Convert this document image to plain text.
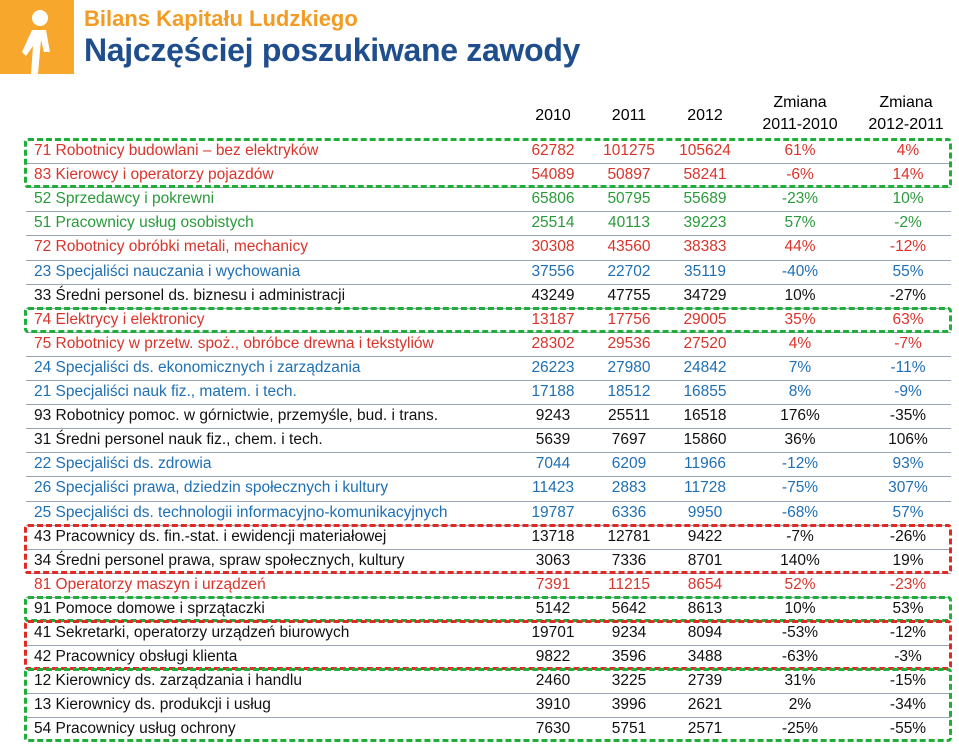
Bilans Kapitału Ludzkiego
Najczęściej poszukiwane zawody
2010	2011	2012
Zmiana
2011-2010
Zmiana
2012-2011
71 Robotnicy budowlani – bez elektryków	62782	101275	105624	61%	4%
83 Kierowcy i operatorzy pojazdów	54089	50897	58241	-6%	14%
52 Sprzedawcy i pokrewni	65806	50795	55689	-23%	10%
51 Pracownicy usług osobistych	25514	40113	39223	57%	-2%
72 Robotnicy obróbki metali, mechanicy	30308	43560	38383	44%	-12%
23 Specjaliści nauczania i wychowania	37556	22702	35119	-40%	55%
33 Średni personel ds. biznesu i administracji	43249	47755	34729	10%	-27%
74 Elektrycy i elektronicy	13187	17756	29005	35%	63%
75 Robotnicy w przetw. spoż., obróbce drewna i tekstyliów	28302	29536	27520	4%	-7%
24 Specjaliści ds. ekonomicznych i zarządzania	26223	27980	24842	7%	-11%
21 Specjaliści nauk fiz., matem. i tech.	17188	18512	16855	8%	-9%
93 Robotnicy pomoc. w górnictwie, przemyśle, bud. i trans.	9243	25511	16518	176%	-35%
31 Średni personel nauk fiz., chem. i tech.	5639	7697	15860	36%	106%
22 Specjaliści ds. zdrowia	7044	6209	11966	-12%	93%
26 Specjaliści prawa, dziedzin społecznych i kultury	11423	2883	11728	-75%	307%
25 Specjaliści ds. technologii informacyjno-komunikacyjnych	19787	6336	9950	-68%	57%
43 Pracownicy ds. fin.-stat. i ewidencji materiałowej	13718	12781	9422	-7%	-26%
34 Średni personel prawa, spraw społecznych, kultury	3063	7336	8701	140%	19%
81 Operatorzy maszyn i urządzeń	7391	11215	8654	52%	-23%
91 Pomoce domowe i sprzątaczki	5142	5642	8613	10%	53%
41 Sekretarki, operatorzy urządzeń biurowych	19701	9234	8094	-53%	-12%
42 Pracownicy obsługi klienta	9822	3596	3488	-63%	-3%
12 Kierownicy ds. zarządzania i handlu	2460	3225	2739	31%	-15%
13 Kierownicy ds. produkcji i usług	3910	3996	2621	2%	-34%
54 Pracownicy usług ochrony	7630	5751	2571	-25%	-55%
